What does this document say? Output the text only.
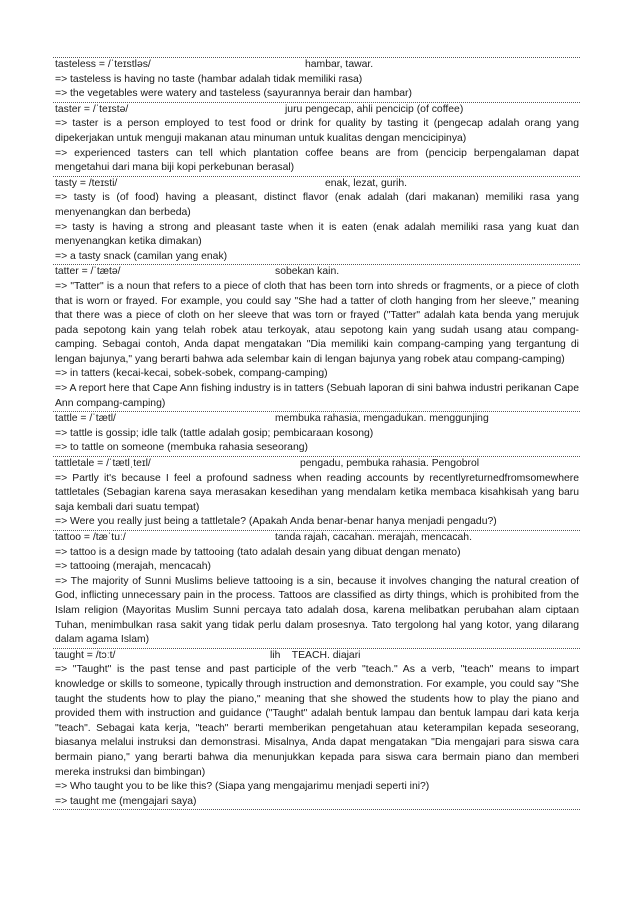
tasteless = /ˈteɪstləs/	hambar, tawar.
=> tasteless is having no taste (hambar adalah tidak memiliki rasa)
=> the vegetables were watery and tasteless (sayurannya berair dan hambar)
taster = /ˈteɪstə/	juru pengecap, ahli pencicip (of coffee)
=> taster is a person employed to test food or drink for quality by tasting it (pengecap adalah orang yang dipekerjakan untuk menguji makanan atau minuman untuk kualitas dengan mencicipinya)
=> experienced tasters can tell which plantation coffee beans are from (pencicip berpengalaman dapat mengetahui dari mana biji kopi perkebunan berasal)
tasty = /teɪsti/	enak, lezat, gurih.
=> tasty is (of food) having a pleasant, distinct flavor (enak adalah (dari makanan) memiliki rasa yang menyenangkan dan berbeda)
=> tasty is having a strong and pleasant taste when it is eaten (enak adalah memiliki rasa yang kuat dan menyenangkan ketika dimakan)
=> a tasty snack (camilan yang enak)
tatter = /ˈtætə/	sobekan kain.
=> "Tatter" is a noun that refers to a piece of cloth that has been torn into shreds or fragments, or a piece of cloth that is worn or frayed. For example, you could say "She had a tatter of cloth hanging from her sleeve," meaning that there was a piece of cloth on her sleeve that was torn or frayed ("Tatter" adalah kata benda yang merujuk pada sepotong kain yang telah robek atau terkoyak, atau sepotong kain yang sudah usang atau compang-camping. Sebagai contoh, Anda dapat mengatakan "Dia memiliki kain compang-camping yang tergantung di lengan bajunya," yang berarti bahwa ada selembar kain di lengan bajunya yang robek atau compang-camping)
=> in tatters (kecai-kecai, sobek-sobek, compang-camping)
=> A report here that Cape Ann fishing industry is in tatters (Sebuah laporan di sini bahwa industri perikanan Cape Ann compang-camping)
tattle = /ˈtætl/	membuka rahasia, mengadukan. menggunjing
=> tattle is gossip; idle talk (tattle adalah gosip; pembicaraan kosong)
=> to tattle on someone (membuka rahasia seseorang)
tattletale = /ˈtætlˌteɪl/	pengadu, pembuka rahasia. Pengobrol
=> Partly it's because I feel a profound sadness when reading accounts by recentlyreturnedfromsomewhere tattletales (Sebagian karena saya merasakan kesedihan yang mendalam ketika membaca kisahkisah yang baru saja kembali dari suatu tempat)
=> Were you really just being a tattletale? (Apakah Anda benar-benar hanya menjadi pengadu?)
tattoo = /tæˈtuː/	tanda rajah, cacahan. merajah, mencacah.
=> tattoo is a design made by tattooing (tato adalah desain yang dibuat dengan menato)
=> tattooing (merajah, mencacah)
=> The majority of Sunni Muslims believe tattooing is a sin, because it involves changing the natural creation of God, inflicting unnecessary pain in the process. Tattoos are classified as dirty things, which is prohibited from the Islam religion (Mayoritas Muslim Sunni percaya tato adalah dosa, karena melibatkan perubahan alam ciptaan Tuhan, menimbulkan rasa sakit yang tidak perlu dalam prosesnya. Tato tergolong hal yang kotor, yang dilarang dalam agama Islam)
taught = /tɔːt/	lih    TEACH. diajari
=> "Taught" is the past tense and past participle of the verb "teach." As a verb, "teach" means to impart knowledge or skills to someone, typically through instruction and demonstration. For example, you could say "She taught the students how to play the piano," meaning that she showed the students how to play the piano and provided them with instruction and guidance ("Taught" adalah bentuk lampau dan bentuk lampau dari kata kerja "teach". Sebagai kata kerja, "teach" berarti memberikan pengetahuan atau keterampilan kepada seseorang, biasanya melalui instruksi dan demonstrasi. Misalnya, Anda dapat mengatakan "Dia mengajari para siswa cara bermain piano," yang berarti bahwa dia menunjukkan kepada para siswa cara bermain piano dan memberi mereka instruksi dan bimbingan)
=> Who taught you to be like this? (Siapa yang mengajarimu menjadi seperti ini?)
=> taught me (mengajari saya)
